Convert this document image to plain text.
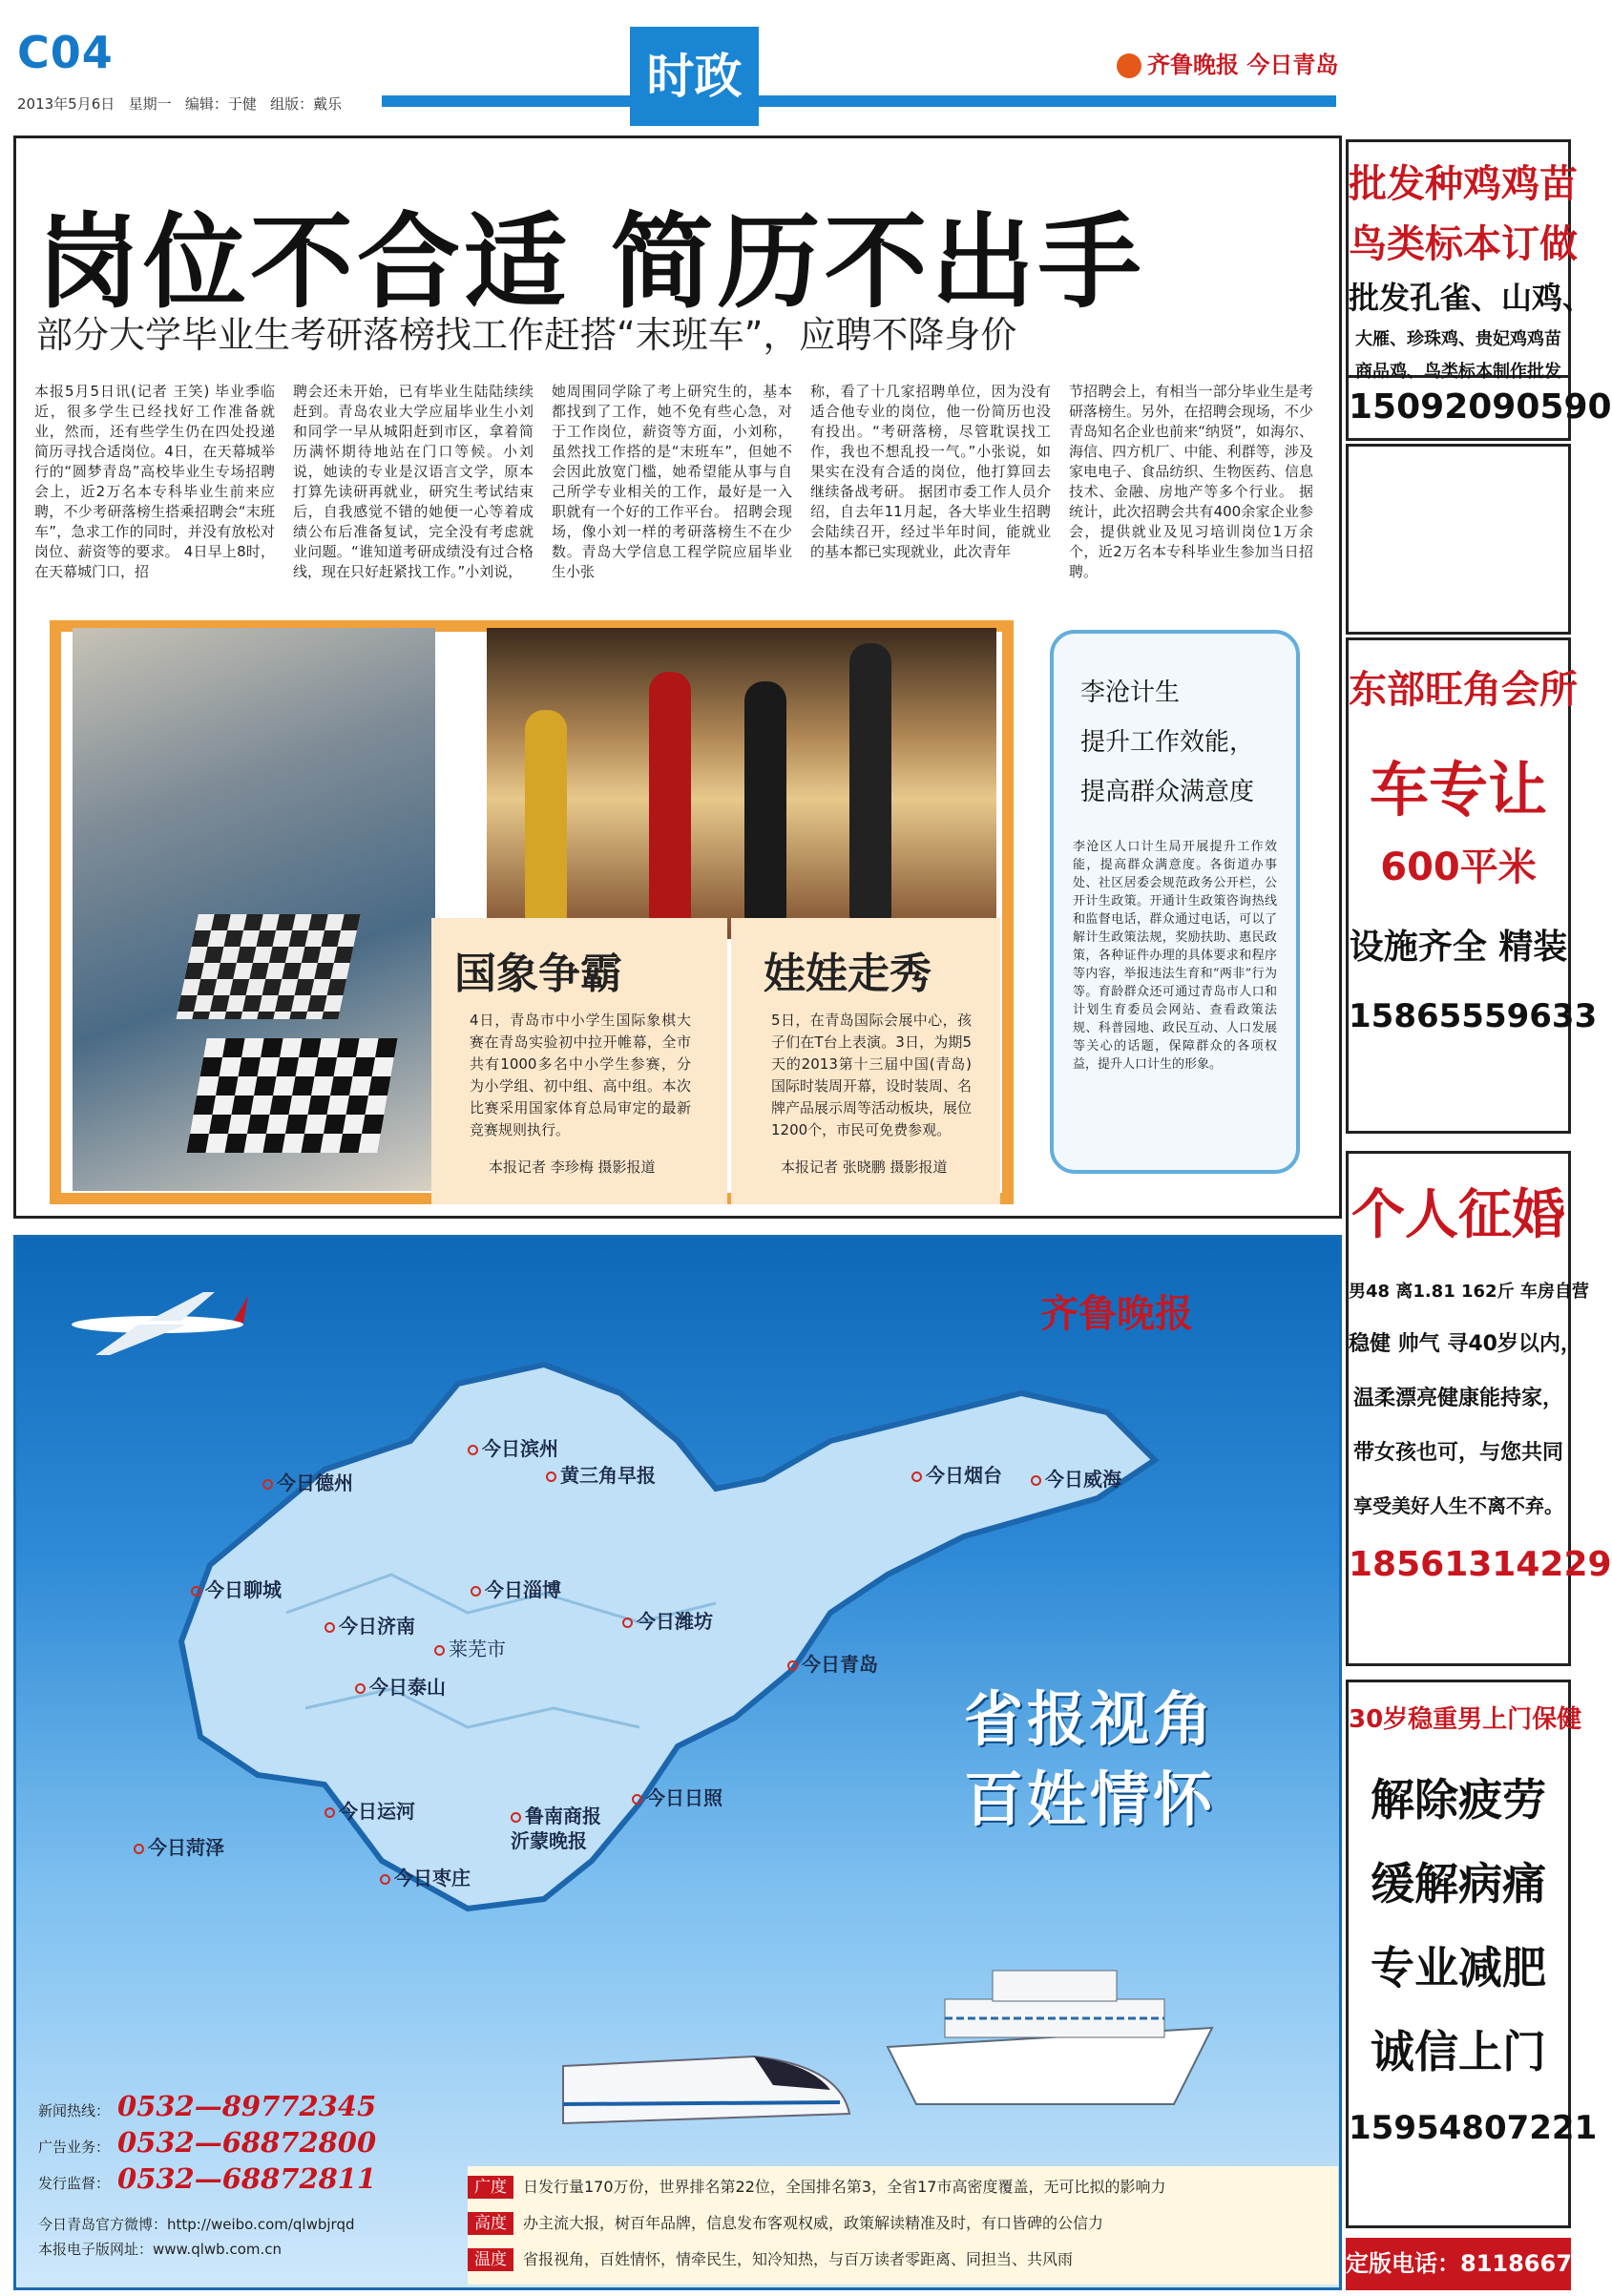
C04
2013年5月6日   星期一   编辑：于健   组版：戴乐	时政	齐鲁晚报 今日青岛
岗位不合适 简历不出手
部分大学毕业生考研落榜找工作赶搭“末班车”，应聘不降身价

本报5月5日讯(记者 王笑) 毕业季临近，很多学生已经找好工作准备就业，然而，还有些学生仍在四处投递简历寻找合适岗位。4日，在天幕城举行的“圆梦青岛”高校毕业生专场招聘会上，近2万名本专科毕业生前来应聘，不少考研落榜生搭乘招聘会“末班车”，急求工作的同时，并没有放松对岗位、薪资等的要求。 4日早上8时，在天幕城门口，招

聘会还未开始，已有毕业生陆陆续续赶到。青岛农业大学应届毕业生小刘和同学一早从城阳赶到市区，拿着简历满怀期待地站在门口等候。小刘说，她读的专业是汉语言文学，原本打算先读研再就业，研究生考试结束后，自我感觉不错的她便一心等着成绩公布后准备复试，完全没有考虑就业问题。“谁知道考研成绩没有过合格线，现在只好赶紧找工作。”小刘说，

她周围同学除了考上研究生的，基本都找到了工作，她不免有些心急，对于工作岗位，薪资等方面，小刘称，虽然找工作搭的是“末班车”，但她不会因此放宽门槛，她希望能从事与自己所学专业相关的工作，最好是一入职就有一个好的工作平台。 招聘会现场，像小刘一样的考研落榜生不在少数。青岛大学信息工程学院应届毕业生小张

称，看了十几家招聘单位，因为没有适合他专业的岗位，他一份简历也没有投出。“考研落榜，尽管耽误找工作，我也不想乱投一气。”小张说，如果实在没有合适的岗位，他打算回去继续备战考研。 据团市委工作人员介绍，自去年11月起，各大毕业生招聘会陆续召开，经过半年时间，能就业的基本都已实现就业，此次青年

节招聘会上，有相当一部分毕业生是考研落榜生。另外，在招聘会现场，不少青岛知名企业也前来“纳贤”，如海尔、海信、四方机厂、中能、利群等，涉及家电电子、食品纺织、生物医药、信息技术、金融、房地产等多个行业。 据统计，此次招聘会共有400余家企业参会，提供就业及见习培训岗位1万余个，近2万名本专科毕业生参加当日招聘。

国象争霸
4日，青岛市中小学生国际象棋大赛在青岛实验初中拉开帷幕，全市共有1000多名中小学生参赛，分为小学组、初中组、高中组。本次比赛采用国家体育总局审定的最新竞赛规则执行。
本报记者 李珍梅 摄影报道
娃娃走秀
5日，在青岛国际会展中心，孩子们在T台上表演。3日，为期5天的2013第十三届中国(青岛)国际时装周开幕，设时装周、名牌产品展示周等活动板块，展位1200个，市民可免费参观。
本报记者 张晓鹏 摄影报道
李沧计生
提升工作效能，
提高群众满意度

李沧区人口计生局开展提升工作效能，提高群众满意度。各街道办事处、社区居委会规范政务公开栏，公开计生政策。开通计生政策咨询热线和监督电话，群众通过电话，可以了解计生政策法规，奖励扶助、惠民政策，各种证件办理的具体要求和程序等内容，举报违法生育和“两非”行为等。育龄群众还可通过青岛市人口和计划生育委员会网站、查看政策法规、科普园地、政民互动、人口发展等关心的话题，保障群众的各项权益，提升人口计生的形象。

批发种鸡鸡苗
鸟类标本订做
批发孔雀、山鸡、
大雁、珍珠鸡、贵妃鸡鸡苗
商品鸡、鸟类标本制作批发
15092090590
东部旺角会所
车专让
600平米
设施齐全 精装
15865559633
个人征婚
男48 离1.81 162斤 车房自营
稳健 帅气 寻40岁以内，
温柔漂亮健康能持家，
带女孩也可，与您共同
享受美好人生不离不弃。
18561314229
30岁稳重男上门保健
解除疲劳
缓解病痛
专业减肥
诚信上门
15954807221
定版电话：81186679
齐鲁晚报
今日德州
今日滨州
黄三角早报	今日烟台	今日威海
今日聊城
今日济南
今日淄博
今日潍坊
莱芜市
今日泰山
今日青岛
今日运河	鲁南商报
沂蒙晚报
今日日照
今日菏泽
今日枣庄
省报视角
百姓情怀
新闻热线： 0532—89772345
广告业务： 0532—68872800
发行监督： 0532—68872811
今日青岛官方微博：http://weibo.com/qlwbjrqd
本报电子版网址：www.qlwb.com.cn
广度 日发行量170万份，世界排名第22位，全国排名第3，全省17市高密度覆盖，无可比拟的影响力
高度 办主流大报，树百年品牌，信息发布客观权威，政策解读精准及时，有口皆碑的公信力
温度 省报视角，百姓情怀，情牵民生，知冷知热，与百万读者零距离、同担当、共风雨
